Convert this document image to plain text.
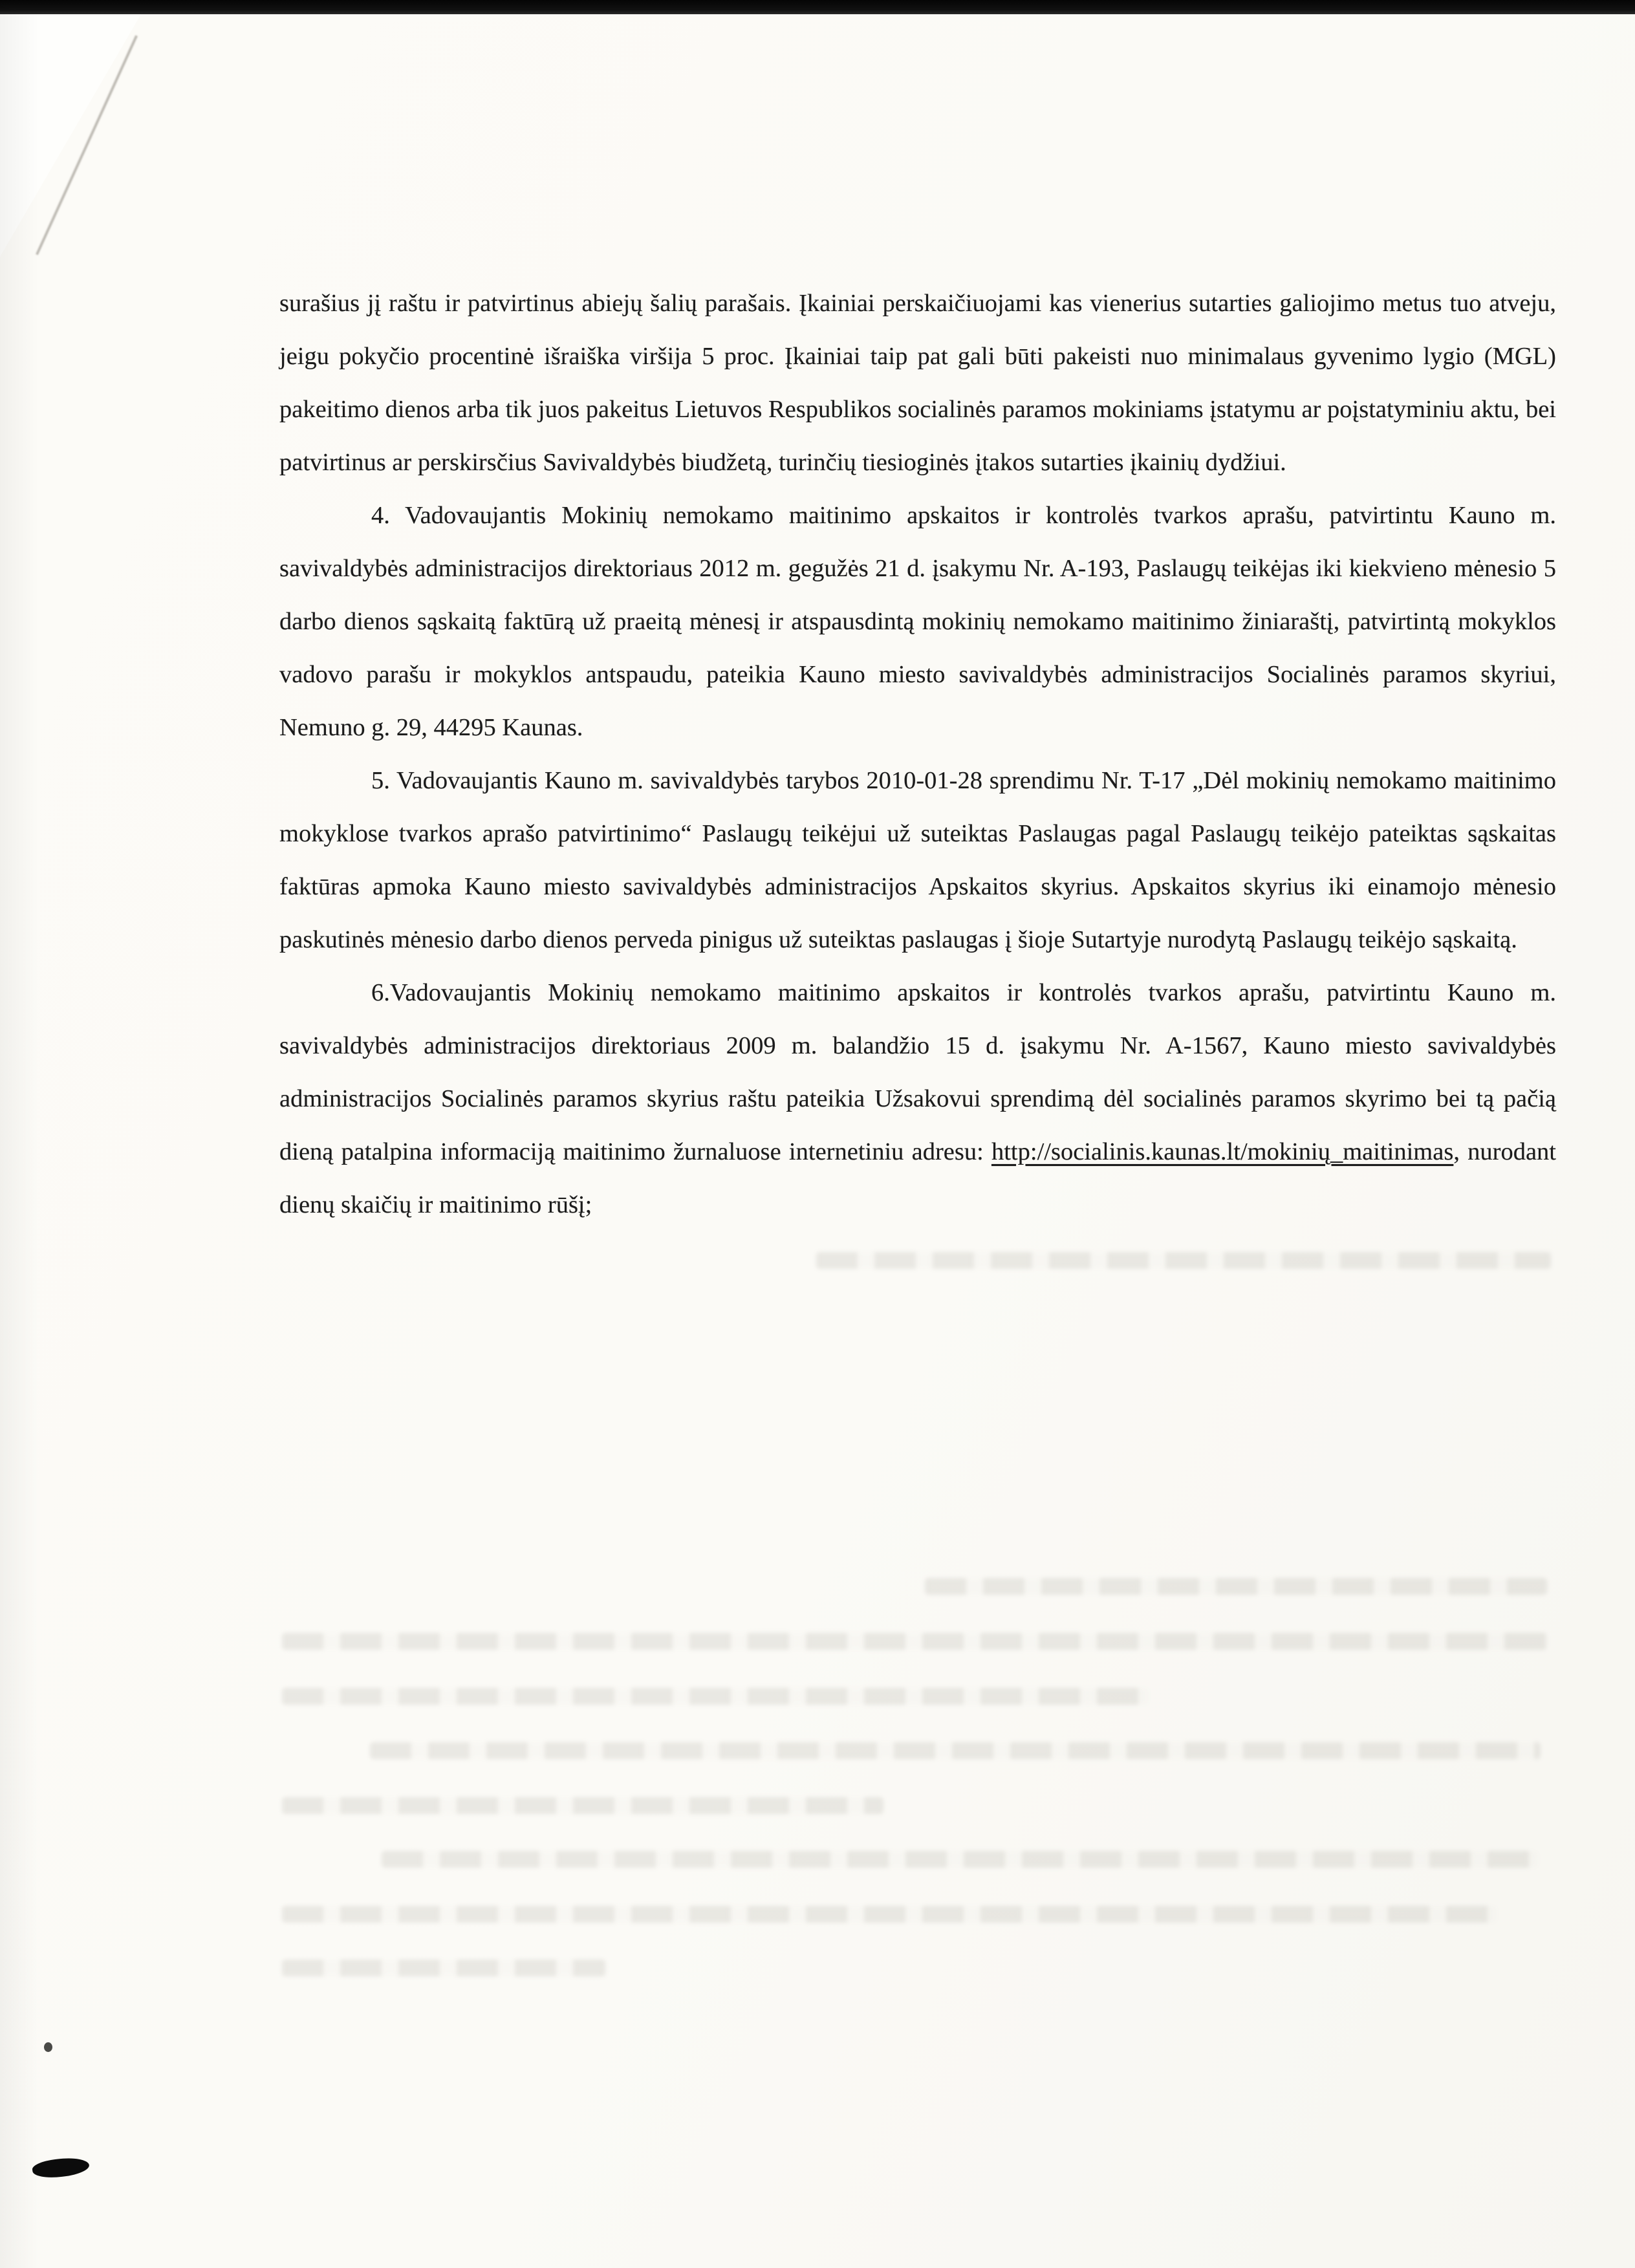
surašius jį raštu ir patvirtinus abiejų šalių parašais. Įkainiai perskaičiuojami kas vienerius sutarties galiojimo metus tuo atveju, jeigu pokyčio procentinė išraiška viršija 5 proc. Įkainiai taip pat gali būti pakeisti nuo minimalaus gyvenimo lygio (MGL) pakeitimo dienos arba tik juos pakeitus Lietuvos Respublikos socialinės paramos mokiniams įstatymu ar poįstatyminiu aktu, bei patvirtinus ar perskirsčius Savivaldybės biudžetą, turinčių tiesioginės įtakos sutarties įkainių dydžiui.

4. Vadovaujantis Mokinių nemokamo maitinimo apskaitos ir kontrolės tvarkos aprašu, patvirtintu Kauno m. savivaldybės administracijos direktoriaus 2012 m. gegužės 21 d. įsakymu Nr. A-193, Paslaugų teikėjas iki kiekvieno mėnesio 5 darbo dienos sąskaitą faktūrą už praeitą mėnesį ir atspausdintą mokinių nemokamo maitinimo žiniaraštį, patvirtintą mokyklos vadovo parašu ir mokyklos antspaudu, pateikia Kauno miesto savivaldybės administracijos Socialinės paramos skyriui, Nemuno g. 29, 44295 Kaunas.

5. Vadovaujantis Kauno m. savivaldybės tarybos 2010-01-28 sprendimu Nr. T-17 „Dėl mokinių nemokamo maitinimo mokyklose tvarkos aprašo patvirtinimo“ Paslaugų teikėjui už suteiktas Paslaugas pagal Paslaugų teikėjo pateiktas sąskaitas faktūras apmoka Kauno miesto savivaldybės administracijos Apskaitos skyrius. Apskaitos skyrius iki einamojo mėnesio paskutinės mėnesio darbo dienos perveda pinigus už suteiktas paslaugas į šioje Sutartyje nurodytą Paslaugų teikėjo sąskaitą.

6.Vadovaujantis Mokinių nemokamo maitinimo apskaitos ir kontrolės tvarkos aprašu, patvirtintu Kauno m. savivaldybės administracijos direktoriaus 2009 m. balandžio 15 d. įsakymu Nr. A-1567, Kauno miesto savivaldybės administracijos Socialinės paramos skyrius raštu pateikia Užsakovui sprendimą dėl socialinės paramos skyrimo bei tą pačią dieną patalpina informaciją maitinimo žurnaluose internetiniu adresu: http://socialinis.kaunas.lt/mokinių_maitinimas, nurodant dienų skaičių ir maitinimo rūšį;
